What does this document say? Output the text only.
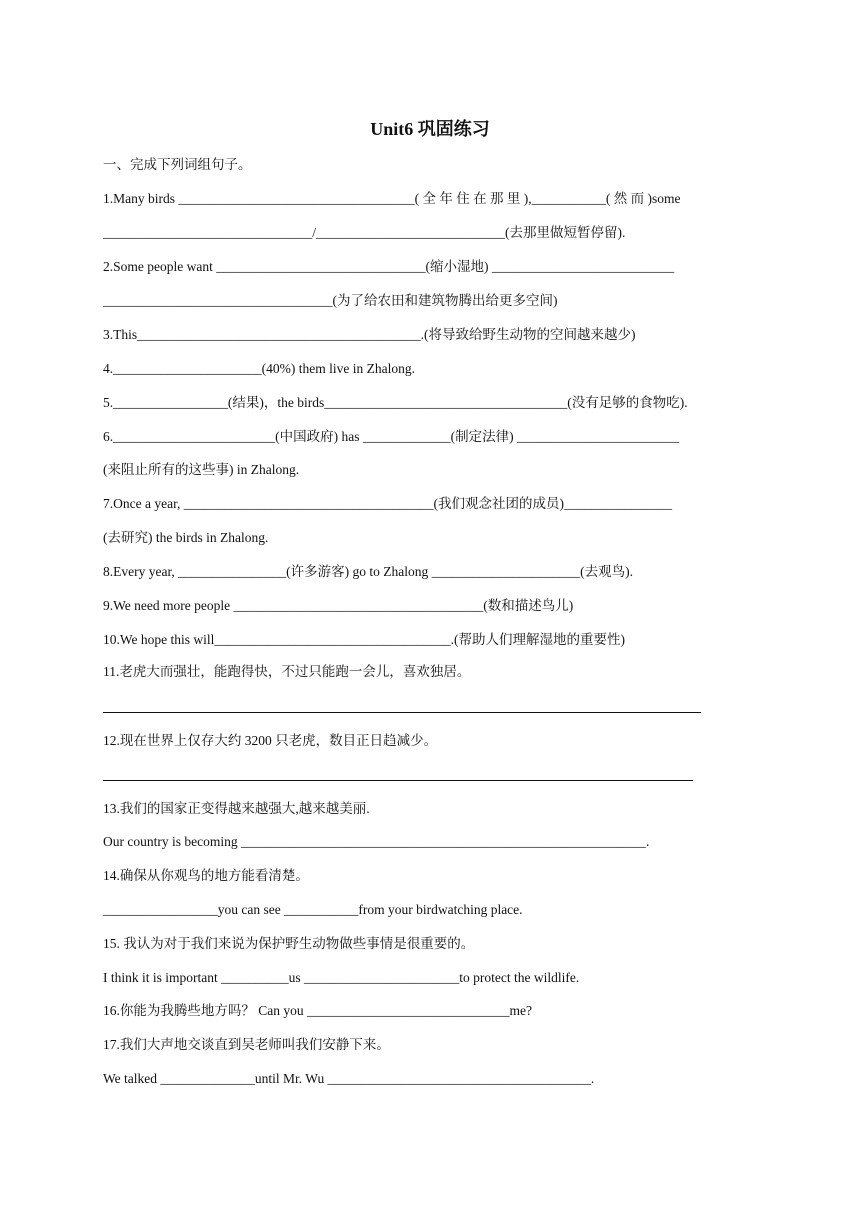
Unit6 巩固练习
一、完成下列词组句子。
1.Many birds ___________________________________( 全 年 住 在 那 里 ),___________( 然 而 )some
_______________________________/____________________________(去那里做短暂停留).
2.Some people want _______________________________(缩小湿地) ___________________________
__________________________________(为了给农田和建筑物腾出给更多空间)
3.This__________________________________________.(将导致给野生动物的空间越来越少)
4.______________________(40%) them live in Zhalong.
5._________________(结果)，the birds____________________________________(没有足够的食物吃).
6.________________________(中国政府) has _____________(制定法律) ________________________
(来阻止所有的这些事) in Zhalong.
7.Once a year, _____________________________________(我们观念社团的成员)________________
(去研究) the birds in Zhalong.
8.Every year, ________________(许多游客) go to Zhalong ______________________(去观鸟).
9.We need more people _____________________________________(数和描述鸟儿)
10.We hope this will___________________________________.(帮助人们理解湿地的重要性)
11.老虎大而强壮，能跑得快，不过只能跑一会儿，喜欢独居。
12.现在世界上仅存大约 3200 只老虎，数目正日趋减少。
13.我们的国家正变得越来越强大,越来越美丽.
Our country is becoming ____________________________________________________________.
14.确保从你观鸟的地方能看清楚。
_________________you can see ___________from your birdwatching place.
15. 我认为对于我们来说为保护野生动物做些事情是很重要的。
I think it is important __________us _______________________to protect the wildlife.
16.你能为我腾些地方吗？ Can you ______________________________me?
17.我们大声地交谈直到吴老师叫我们安静下来。
We talked ______________until Mr. Wu _______________________________________.
